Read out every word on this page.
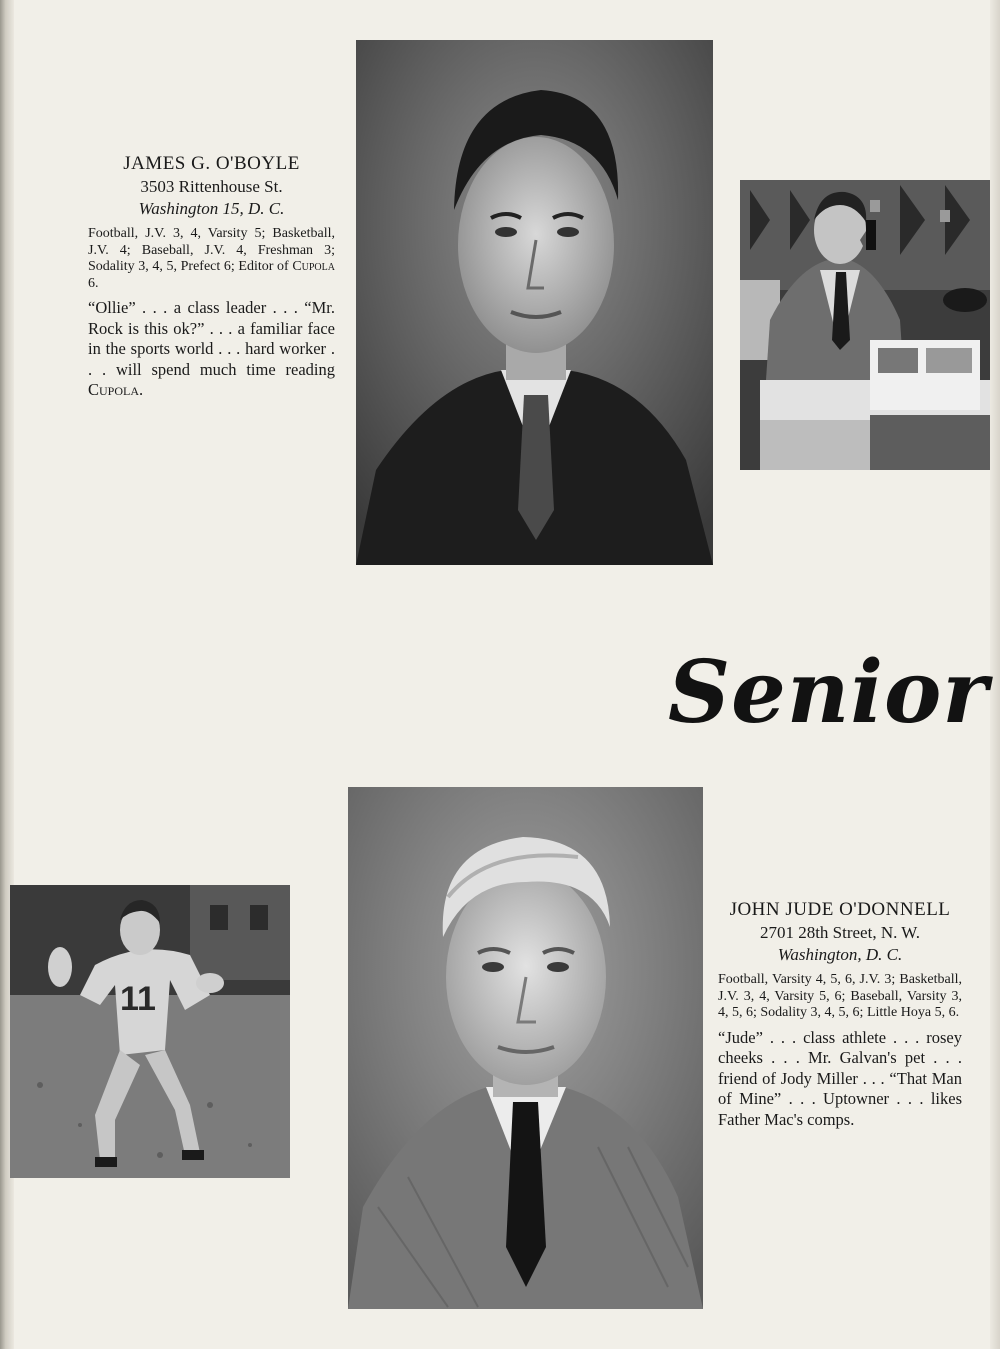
JAMES G. O'BOYLE
3503 Rittenhouse St.
Washington 15, D. C.
Football, J.V. 3, 4, Varsity 5; Basketball, J.V. 4; Baseball, J.V. 4, Freshman 3; Sodality 3, 4, 5, Prefect 6; Editor of Cupola 6.
“Ollie” . . . a class leader . . . “Mr. Rock is this ok?” . . . a familiar face in the sports world . . . hard worker . . . will spend much time reading Cupola.
Senior
11
JOHN JUDE O'DONNELL
2701 28th Street, N. W.
Washington, D. C.
Football, Varsity 4, 5, 6, J.V. 3; Basketball, J.V. 3, 4, Varsity 5, 6; Baseball, Varsity 3, 4, 5, 6; Sodality 3, 4, 5, 6; Little Hoya 5, 6.
“Jude” . . . class athlete . . . rosey cheeks . . . Mr. Galvan's pet . . . friend of Jody Miller . . . “That Man of Mine” . . . Uptowner . . . likes Father Mac's comps.
